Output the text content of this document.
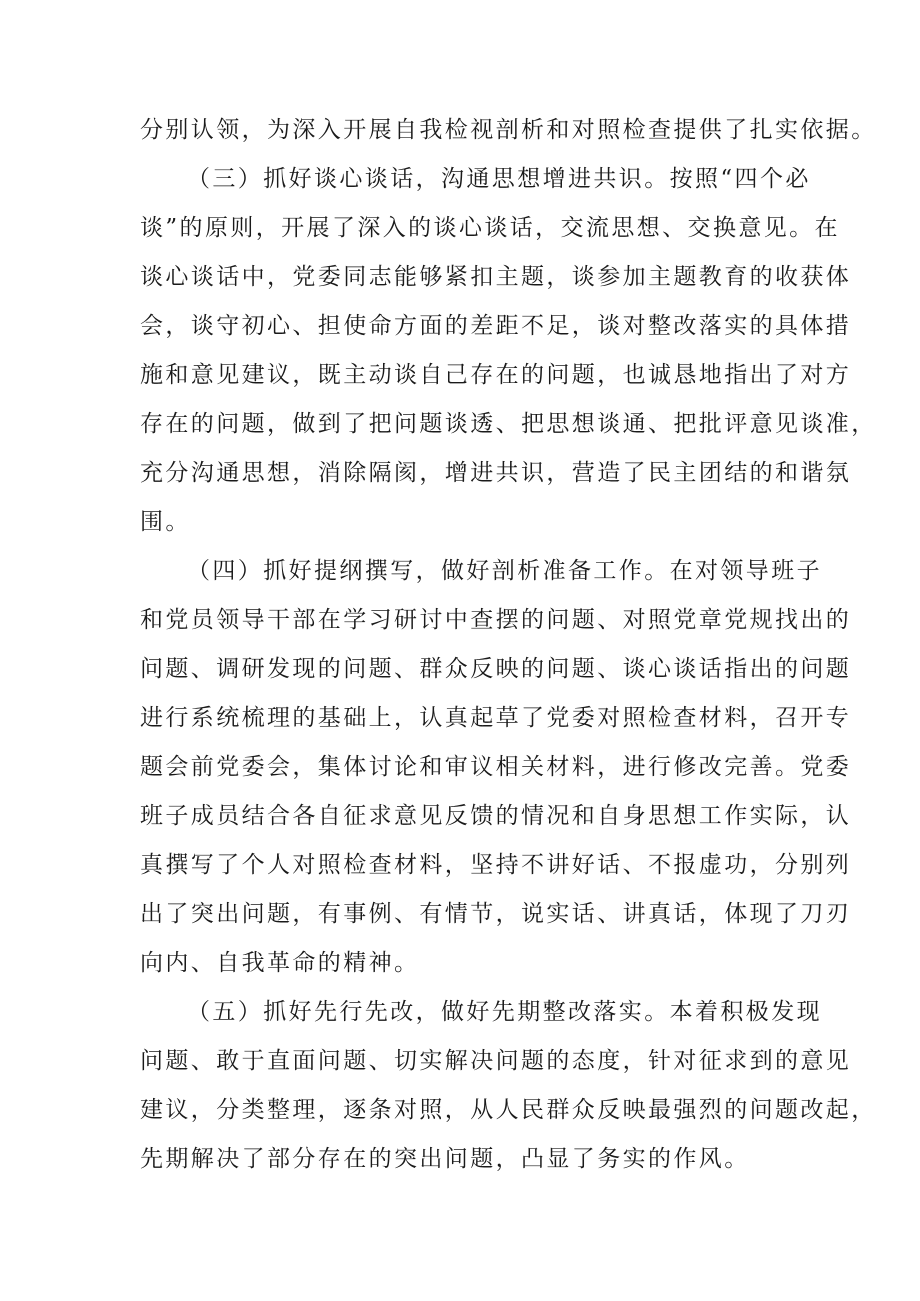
分别认领，为深入开展自我检视剖析和对照检查提供了扎实依据。
（三）抓好谈心谈话，沟通思想增进共识。按照“四个必
谈”的原则，开展了深入的谈心谈话，交流思想、交换意见。在
谈心谈话中，党委同志能够紧扣主题，谈参加主题教育的收获体
会，谈守初心、担使命方面的差距不足，谈对整改落实的具体措
施和意见建议，既主动谈自己存在的问题，也诚恳地指出了对方
存在的问题，做到了把问题谈透、把思想谈通、把批评意见谈准，
充分沟通思想，消除隔阂，增进共识，营造了民主团结的和谐氛
围。
（四）抓好提纲撰写，做好剖析准备工作。在对领导班子
和党员领导干部在学习研讨中查摆的问题、对照党章党规找出的
问题、调研发现的问题、群众反映的问题、谈心谈话指出的问题
进行系统梳理的基础上，认真起草了党委对照检查材料，召开专
题会前党委会，集体讨论和审议相关材料，进行修改完善。党委
班子成员结合各自征求意见反馈的情况和自身思想工作实际，认
真撰写了个人对照检查材料，坚持不讲好话、不报虚功，分别列
出了突出问题，有事例、有情节，说实话、讲真话，体现了刀刃
向内、自我革命的精神。
（五）抓好先行先改，做好先期整改落实。本着积极发现
问题、敢于直面问题、切实解决问题的态度，针对征求到的意见
建议，分类整理，逐条对照，从人民群众反映最强烈的问题改起，
先期解决了部分存在的突出问题，凸显了务实的作风。
